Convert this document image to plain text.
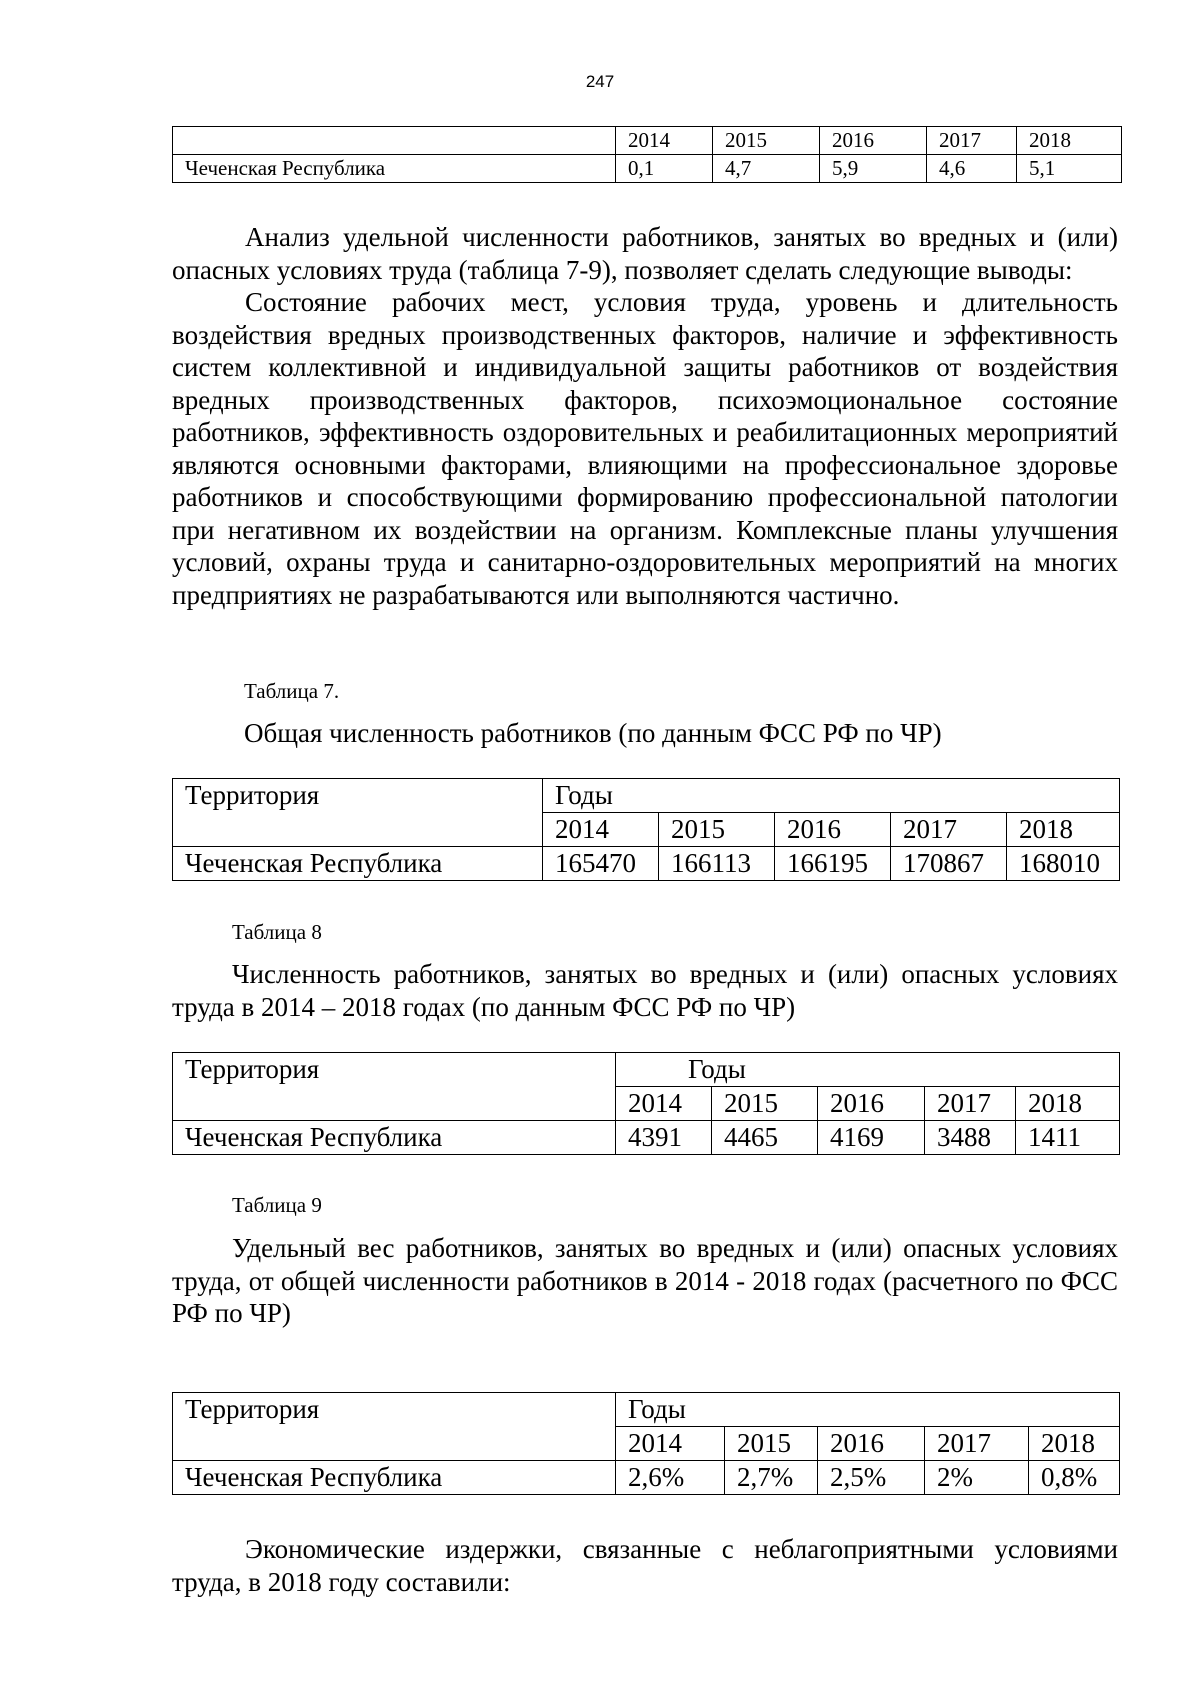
247
	2014	2015	2016	2017	2018
Чеченская Республика	0,1	4,7	5,9	4,6	5,1
Анализ удельной численности работников, занятых во вредных и (или) опасных условиях труда (таблица 7-9), позволяет сделать следующие выводы:
Состояние рабочих мест, условия труда, уровень и длительность воздействия вредных производственных факторов, наличие и эффективность систем коллективной и индивидуальной защиты работников от воздействия вредных производственных факторов, психоэмоциональное состояние работников, эффективность оздоровительных и реабилитационных мероприятий являются основными факторами, влияющими на профессиональное здоровье работников и способствующими формированию профессиональной патологии при негативном их воздействии на организм. Комплексные планы улучшения условий, охраны труда и санитарно-оздоровительных мероприятий на многих предприятиях не разрабатываются или выполняются частично.
Таблица 7.
Общая численность работников (по данным ФСС РФ по ЧР)
Территория	Годы				
	2014	2015	2016	2017	2018
Чеченская Республика	165470	166113	166195	170867	168010
Таблица 8
Численность работников, занятых во вредных и (или) опасных условиях труда в 2014 – 2018 годах (по данным ФСС РФ по ЧР)
Территория	Годы				
	2014	2015	2016	2017	2018
Чеченская Республика	4391	4465	4169	3488	1411
Таблица 9
Удельный вес работников, занятых во вредных и (или) опасных условиях труда, от общей численности работников в 2014 - 2018 годах (расчетного по ФСС РФ по ЧР)
Территория	Годы				
	2014	2015	2016	2017	2018
Чеченская Республика	2,6%	2,7%	2,5%	2%	0,8%
Экономические издержки, связанные с неблагоприятными условиями труда, в 2018 году составили:
